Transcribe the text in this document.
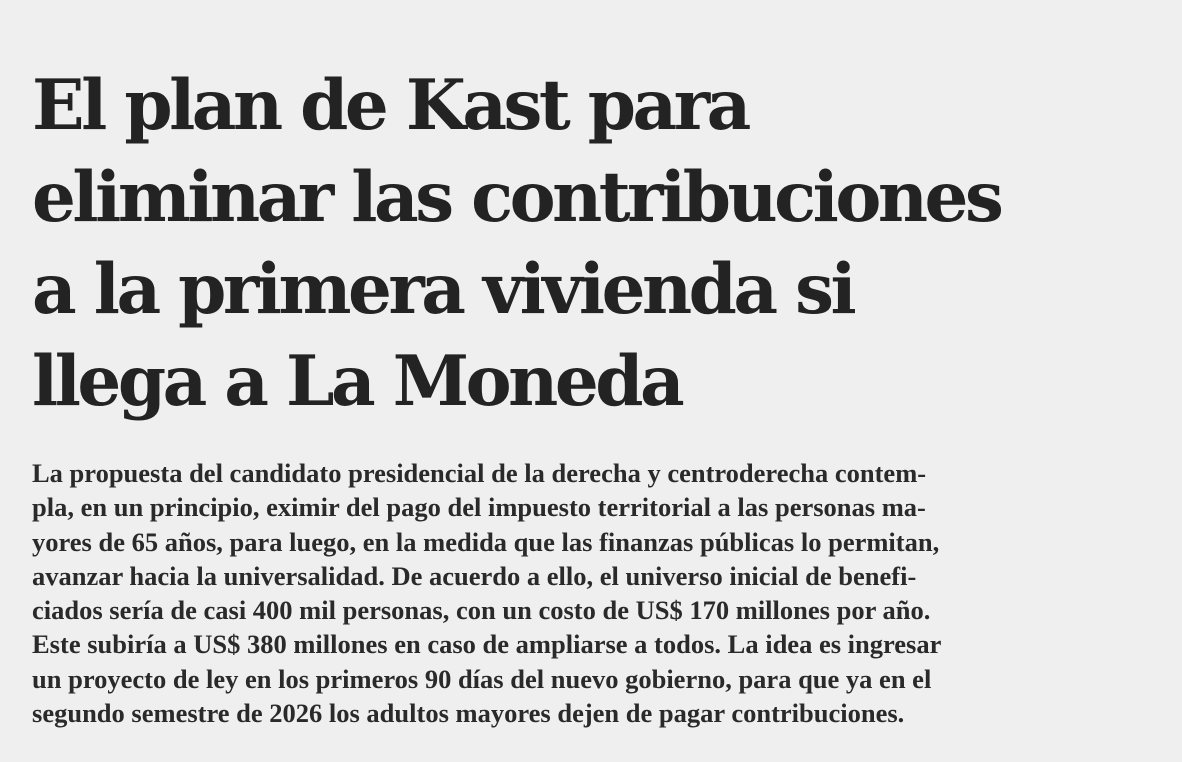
El plan de Kast para
eliminar las contribuciones
a la primera vivienda si
llega a La Moneda

La propuesta del candidato presidencial de la derecha y centroderecha contem-
pla, en un principio, eximir del pago del impuesto territorial a las personas ma-
yores de 65 años, para luego, en la medida que las finanzas públicas lo permitan,
avanzar hacia la universalidad. De acuerdo a ello, el universo inicial de benefi-
ciados sería de casi 400 mil personas, con un costo de US$ 170 millones por año.
Este subiría a US$ 380 millones en caso de ampliarse a todos. La idea es ingresar
un proyecto de ley en los primeros 90 días del nuevo gobierno, para que ya en el
segundo semestre de 2026 los adultos mayores dejen de pagar contribuciones.
